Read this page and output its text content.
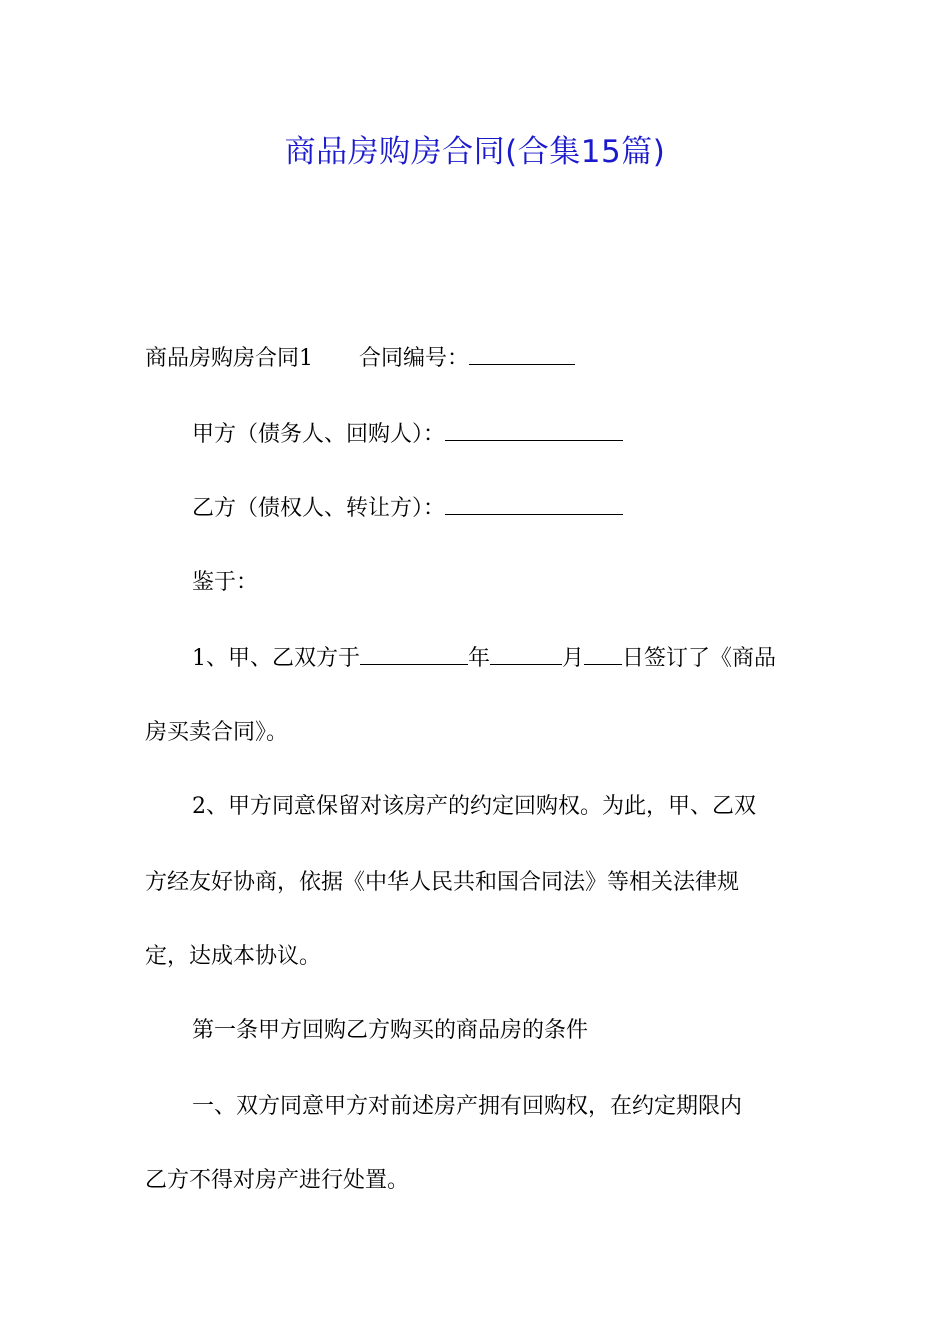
商品房购房合同(合集15篇)
商品房购房合同1 合同编号：
甲方（债务人、回购人）：
乙方（债权人、转让方）：
鉴于：
1、甲、乙双方于	年	月 日签订了《商品
房买卖合同》。
2、甲方同意保留对该房产的约定回购权。为此，甲、乙双
方经友好协商，依据《中华人民共和国合同法》等相关法律规
定，达成本协议。
第一条甲方回购乙方购买的商品房的条件
一、双方同意甲方对前述房产拥有回购权，在约定期限内
乙方不得对房产进行处置。
